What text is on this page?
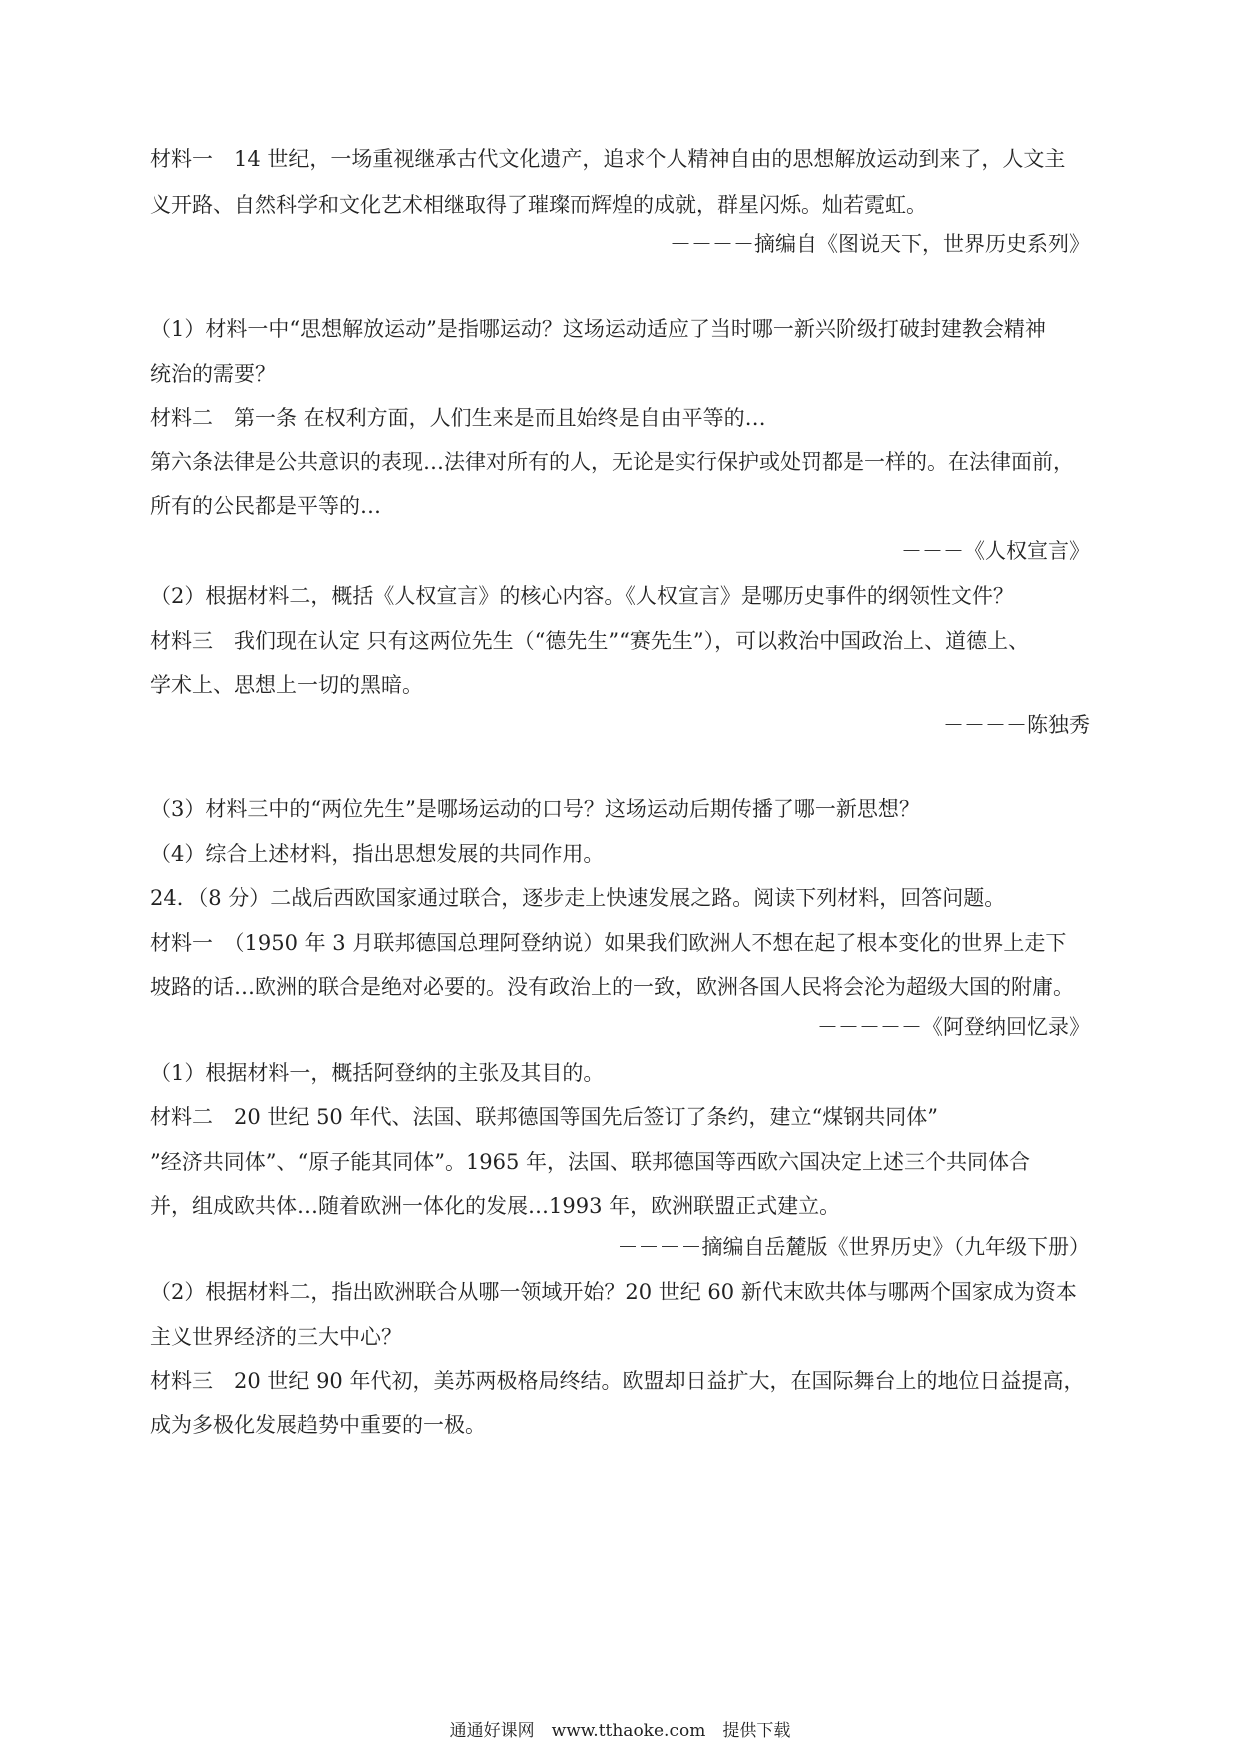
材料一　14 世纪，一场重视继承古代文化遗产，追求个人精神自由的思想解放运动到来了，人文主
义开路、自然科学和文化艺术相继取得了璀璨而辉煌的成就，群星闪烁。灿若霓虹。
－－－－摘编自《图说天下，世界历史系列》
（1）材料一中“思想解放运动”是指哪运动？这场运动适应了当时哪一新兴阶级打破封建教会精神
统治的需要？
材料二　第一条 在权利方面，人们生来是而且始终是自由平等的…
第六条法律是公共意识的表现…法律对所有的人，无论是实行保护或处罚都是一样的。在法律面前，
所有的公民都是平等的…
－－－《人权宣言》
（2）根据材料二，概括《人权宣言》的核心内容。《人权宣言》是哪历史事件的纲领性文件？
材料三　我们现在认定 只有这两位先生（“德先生”“赛先生”），可以救治中国政治上、道德上、
学术上、思想上一切的黑暗。
－－－－陈独秀
（3）材料三中的“两位先生”是哪场运动的口号？这场运动后期传播了哪一新思想？
（4）综合上述材料，指出思想发展的共同作用。
24．（8 分）二战后西欧国家通过联合，逐步走上快速发展之路。阅读下列材料，回答问题。
材料一　（1950 年 3 月联邦德国总理阿登纳说）如果我们欧洲人不想在起了根本变化的世界上走下
坡路的话…欧洲的联合是绝对必要的。没有政治上的一致，欧洲各国人民将会沦为超级大国的附庸。
－－－－－《阿登纳回忆录》
（1）根据材料一，概括阿登纳的主张及其目的。
材料二　20 世纪 50 年代、法国、联邦德国等国先后签订了条约，建立“煤钢共同体”
”经济共同体”、“原子能其同体”。1965 年，法国、联邦德国等西欧六国决定上述三个共同体合
并，组成欧共体…随着欧洲一体化的发展…1993 年，欧洲联盟正式建立。
－－－－摘编自岳麓版《世界历史》（九年级下册）
（2）根据材料二，指出欧洲联合从哪一领域开始？20 世纪 60 新代末欧共体与哪两个国家成为资本
主义世界经济的三大中心？
材料三　20 世纪 90 年代初，美苏两极格局终结。欧盟却日益扩大，在国际舞台上的地位日益提高，
成为多极化发展趋势中重要的一极。
通通好课网　www.tthaoke.com　提供下载
